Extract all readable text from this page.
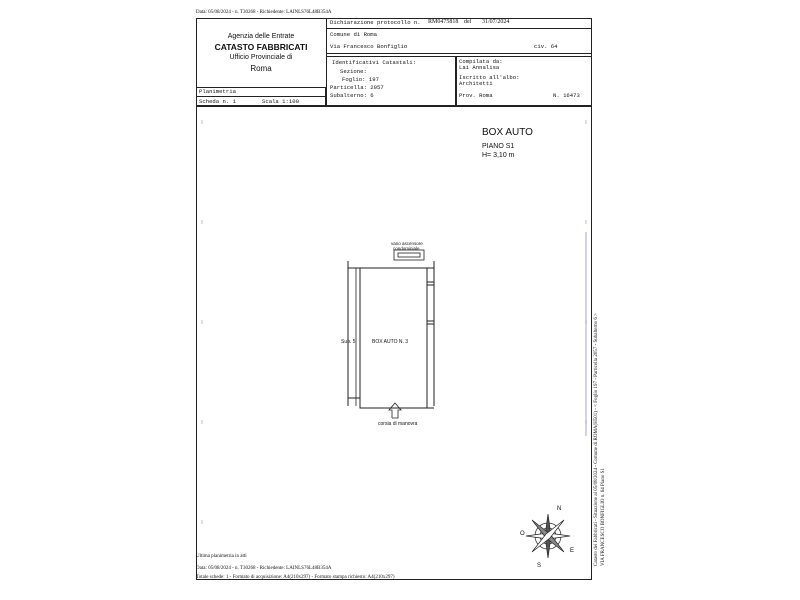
Data: 05/08/2024 - n. T30268 - Richiedente: LAINLS76L48B354A
Agenzia delle Entrate
CATASTO FABBRICATI
Ufficio Provinciale di
Roma
Dichiarazione protocollo n. RM0475818 del 31/07/2024
Comune di Roma
Via Francesco Bonfiglio	civ. 64
Identificativi Catastali:
Sezione:
Foglio: 197
Particella: 2057
Subalterno: 6
Compilata da:
Lai Annalisa
Iscritto all'albo:
Architetti
Prov. Roma	N. 16473
Planimetria
Scheda n. 1	Scala 1:100
BOX AUTO
PIANO S1
H= 3,10 m
vano ascensore
condominiale
Sub. 5	BOX AUTO N. 3
corsia di manovra
N
E
S
O
Ultima planimetria in atti
Data: 05/08/2024 - n. T30268 - Richiedente: LAINLS76L48B354A
Totale schede: 1 - Formato di acquisizione: A4(210x297) - Formato stampa richiesto: A4(210x297)
Catasto dei Fabbricati - Situazione al 05/08/2024 - Comune di ROMA(H501) - < Foglio 197 - Particella 2057 - Subalterno 6 > VIA FRANCESCO BONFIGLIO n. 64 Piano S1
